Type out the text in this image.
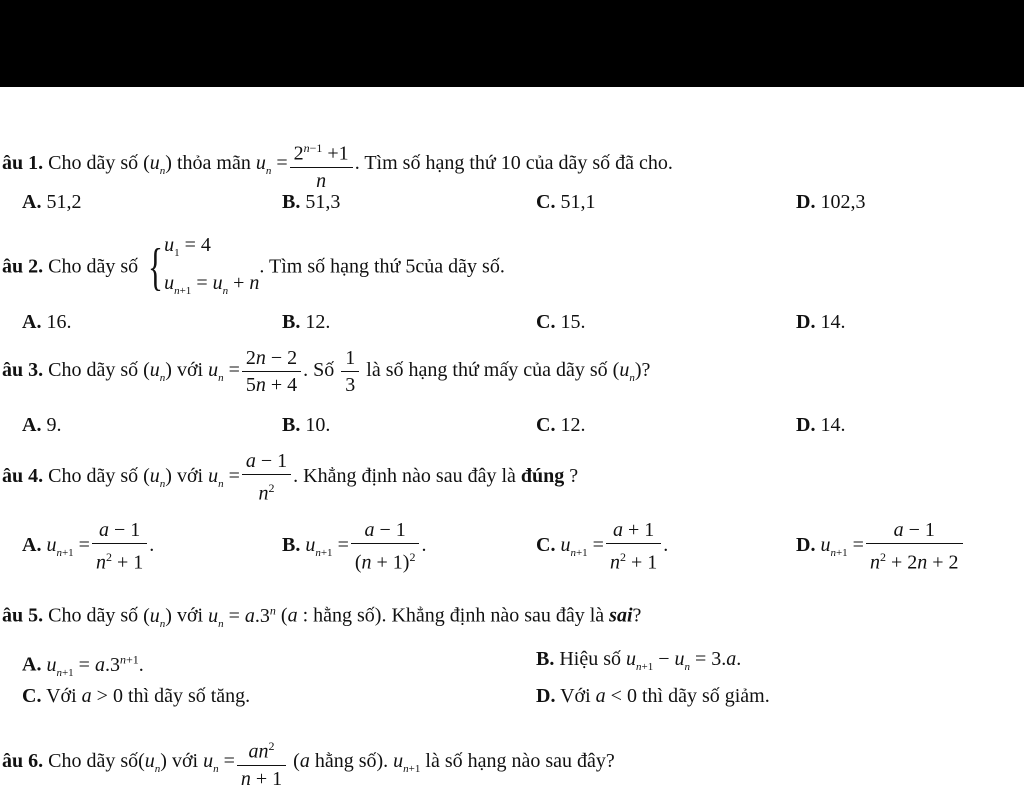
âu 1. Cho dãy số $(u_n)$ thỏa mãn $u_n = \frac{2^{n-1} +1}{n}$ . Tìm số hạng thứ 10 của dãy số đã cho.
A. 51,2	B. 51,3	C. 51,1	D. 102,3
âu 2. Cho dãy số { $u_1 = 4$
$u_{n+1} = u_n + n$
. Tìm số hạng thứ 5của dãy số.
A. 16.	B. 12.	C. 15.	D. 14.
âu 3. Cho dãy số $(u_n)$ với $u_n = \frac{2n - 2}{5n + 4}$ . Số $\frac{1}{3}$ là số hạng thứ mấy của dãy số $(u_n)$?
A. 9.	B. 10.	C. 12.	D. 14.
âu 4. Cho dãy số $(u_n)$ với $u_n = \frac{a - 1}{n^2}$ . Khẳng định nào sau đây là đúng ?
A. $u_{n+1} = \frac{a - 1}{n^2 + 1}$ .	B. $u_{n+1} = \frac{a - 1}{(n + 1)^2}$ .	C. $u_{n+1} = \frac{a + 1}{n^2 + 1}$ .	D. $u_{n+1} = \frac{a - 1}{n^2 + 2n + 2}$
âu 5. Cho dãy số $(u_n)$ với $u_n = a.3^n$ (a : hằng số). Khẳng định nào sau đây là sai?
A. $u_{n+1} = a.3^{n+1}$.	B. Hiệu số $u_{n+1} - u_n = 3.a$.
C. Với a > 0 thì dãy số tăng.	D. Với a < 0 thì dãy số giảm.
âu 6. Cho dãy $số(u_n)$ với $u_n = \frac{an^2}{n + 1} (a$ hằng số). $u_{n+1}$ là số hạng nào sau đây?
